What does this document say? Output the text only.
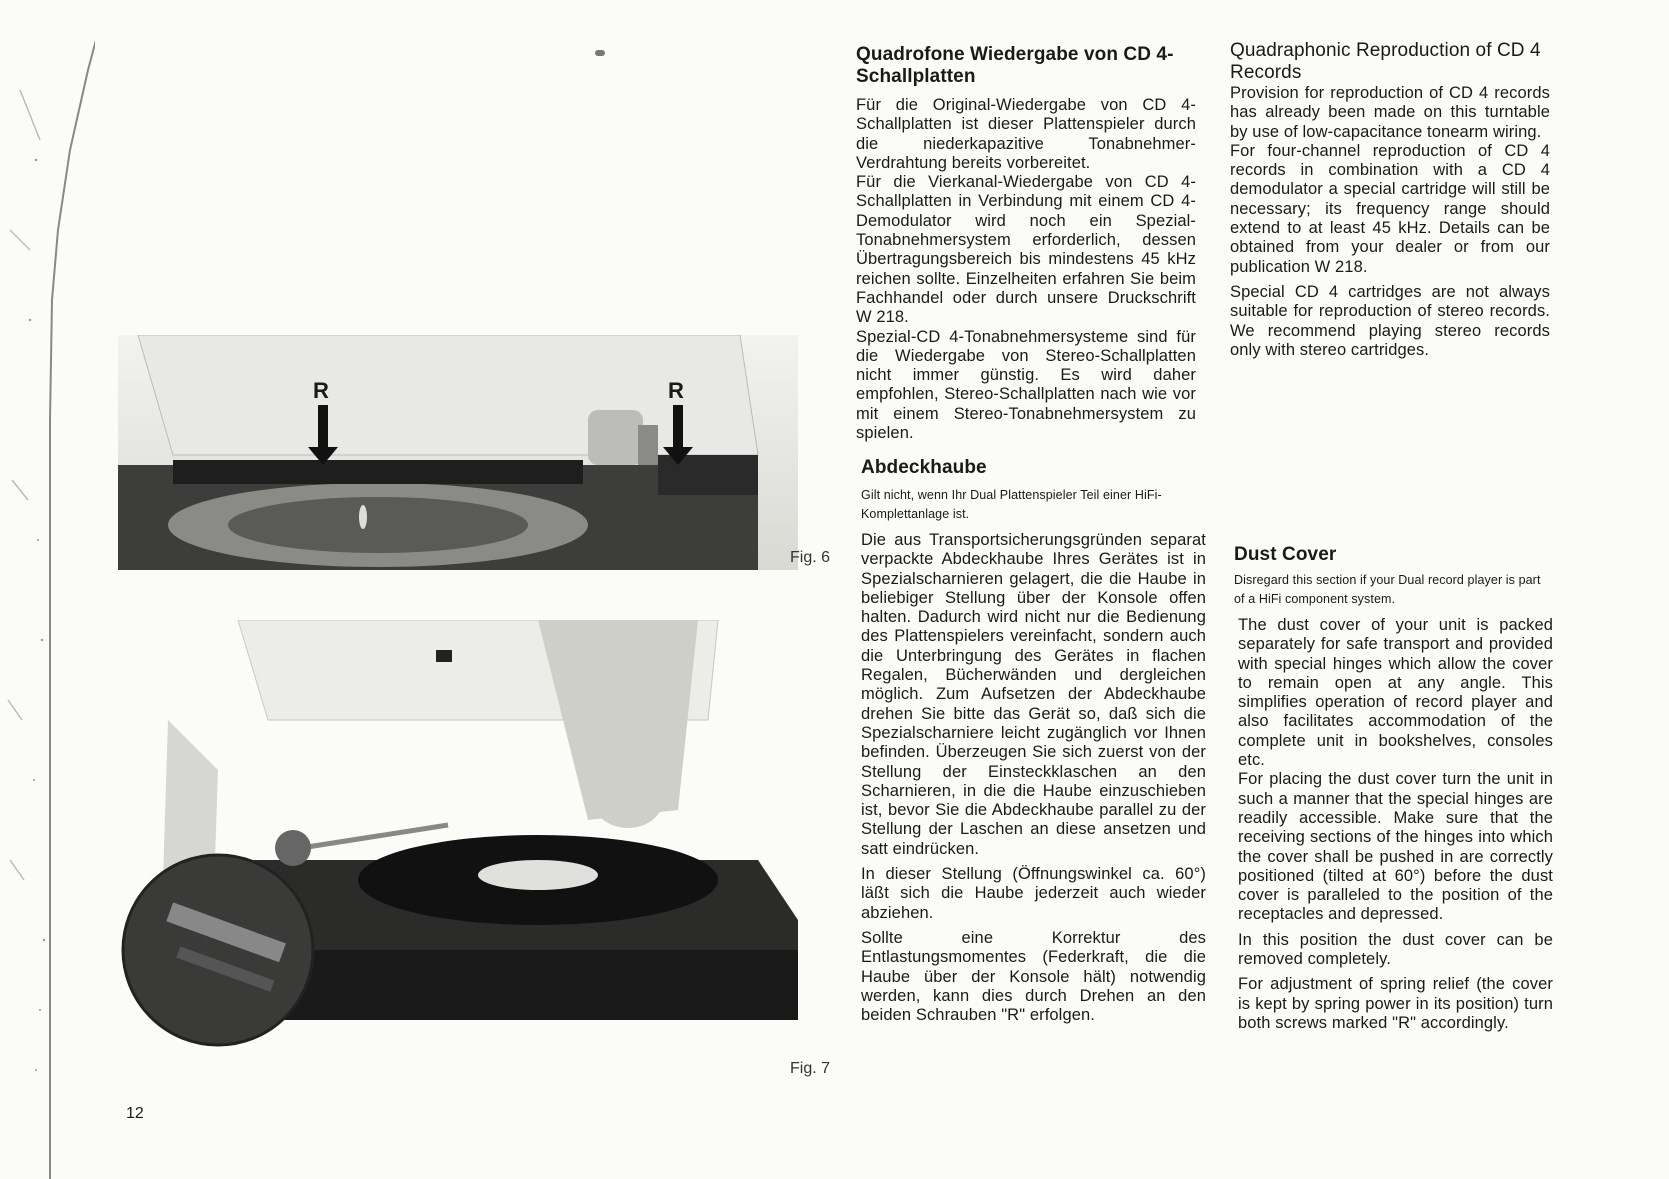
R	R
Fig. 6
Fig. 7
Quadrofone Wiedergabe von CD 4-
Schallplatten

Für die Original-Wiedergabe von CD 4-Schallplatten ist dieser Plattenspieler durch die niederkapazitive Tonabnehmer-Verdrahtung bereits vorbereitet.

Für die Vierkanal-Wiedergabe von CD 4-Schallplatten in Verbindung mit einem CD 4-Demodulator wird noch ein Spezial-Tonabnehmersystem erforderlich, dessen Übertragungsbereich bis mindestens 45 kHz reichen sollte. Einzelheiten erfahren Sie beim Fachhandel oder durch unsere Druckschrift W 218.

Spezial-CD 4-Tonabnehmersysteme sind für die Wiedergabe von Stereo-Schallplatten nicht immer günstig. Es wird daher empfohlen, Stereo-Schallplatten nach wie vor mit einem Stereo-Tonabnehmersystem zu spielen.

Quadraphonic Reproduction of CD 4
Records

Provision for reproduction of CD 4 records has already been made on this turntable by use of low-capacitance tonearm wiring.

For four-channel reproduction of CD 4 records in combination with a CD 4 demodulator a special cartridge will still be necessary; its frequency range should extend to at least 45 kHz. Details can be obtained from your dealer or from our publication W 218.

Special CD 4 cartridges are not always suitable for reproduction of stereo records. We recommend playing stereo records only with stereo cartridges.

Abdeckhaube
Gilt nicht, wenn Ihr Dual Plattenspieler Teil einer HiFi-Komplettanlage ist.

Die aus Transportsicherungsgründen separat verpackte Abdeckhaube Ihres Gerätes ist in Spezialscharnieren gelagert, die die Haube in beliebiger Stellung über der Konsole offen halten. Dadurch wird nicht nur die Bedienung des Plattenspielers vereinfacht, sondern auch die Unterbringung des Gerätes in flachen Regalen, Bücherwänden und dergleichen möglich. Zum Aufsetzen der Abdeckhaube drehen Sie bitte das Gerät so, daß sich die Spezialscharniere leicht zugänglich vor Ihnen befinden. Überzeugen Sie sich zuerst von der Stellung der Einsteckklaschen an den Scharnieren, in die die Haube einzuschieben ist, bevor Sie die Abdeckhaube parallel zu der Stellung der Laschen an diese ansetzen und satt eindrücken.

In dieser Stellung (Öffnungswinkel ca. 60°) läßt sich die Haube jederzeit auch wieder abziehen.

Sollte eine Korrektur des Entlastungsmomentes (Federkraft, die die Haube über der Konsole hält) notwendig werden, kann dies durch Drehen an den beiden Schrauben "R" erfolgen.

Dust Cover
Disregard this section if your Dual record player is part of a HiFi component system.

The dust cover of your unit is packed separately for safe transport and provided with special hinges which allow the cover to remain open at any angle. This simplifies operation of record player and also facilitates accommodation of the complete unit in bookshelves, consoles etc.

For placing the dust cover turn the unit in such a manner that the special hinges are readily accessible. Make sure that the receiving sections of the hinges into which the cover shall be pushed in are correctly positioned (tilted at 60°) before the dust cover is paralleled to the position of the receptacles and depressed.

In this position the dust cover can be removed completely.

For adjustment of spring relief (the cover is kept by spring power in its position) turn both screws marked "R" accordingly.

12
